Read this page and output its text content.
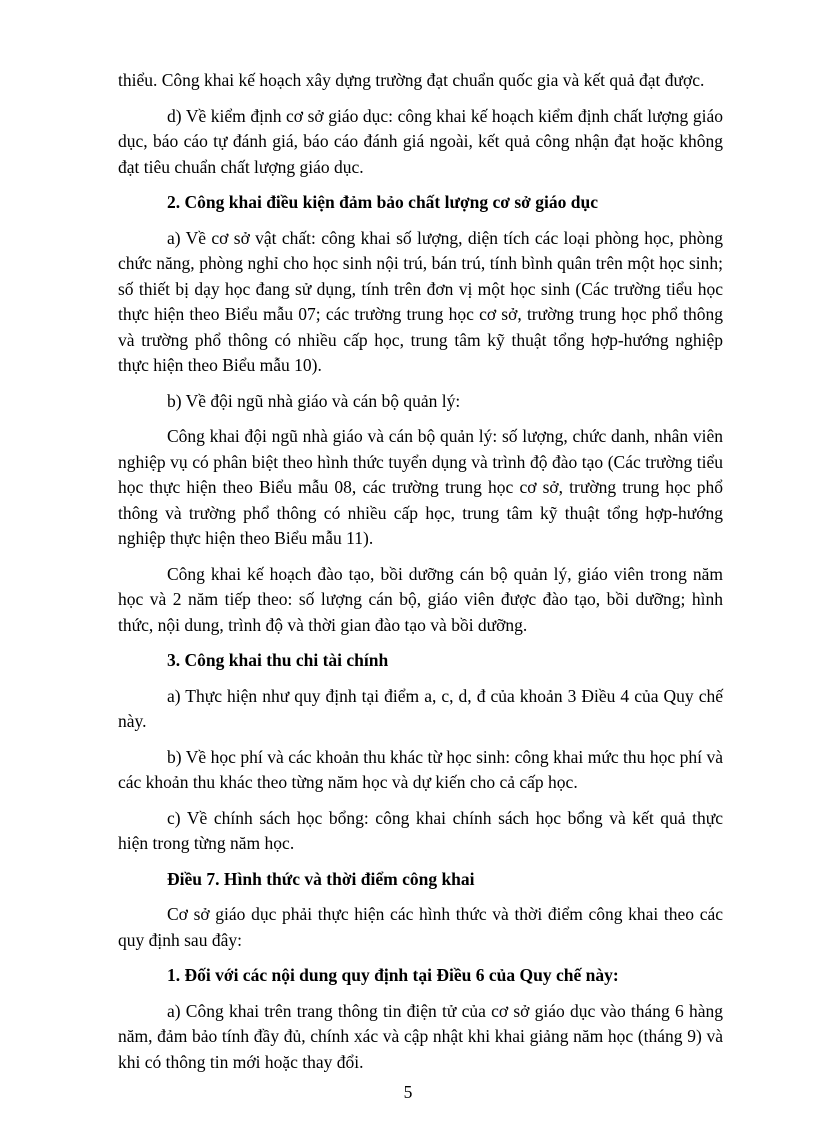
thiểu. Công khai kế hoạch xây dựng trường đạt chuẩn quốc gia và kết quả đạt được.

d) Về kiểm định cơ sở giáo dục: công khai kế hoạch kiểm định chất lượng giáo dục, báo cáo tự đánh giá, báo cáo đánh giá ngoài, kết quả công nhận đạt hoặc không đạt tiêu chuẩn chất lượng giáo dục.

2. Công khai điều kiện đảm bảo chất lượng cơ sở giáo dục

a) Về cơ sở vật chất: công khai số lượng, diện tích các loại phòng học, phòng chức năng, phòng nghỉ cho học sinh nội trú, bán trú, tính bình quân trên một học sinh; số thiết bị dạy học đang sử dụng, tính trên đơn vị một học sinh (Các trường tiểu học thực hiện theo Biểu mẫu 07; các trường trung học cơ sở, trường trung học phổ thông và trường phổ thông có nhiều cấp học, trung tâm kỹ thuật tổng hợp-hướng nghiệp thực hiện theo Biểu mẫu 10).

b) Về đội ngũ nhà giáo và cán bộ quản lý:

Công khai đội ngũ nhà giáo và cán bộ quản lý: số lượng, chức danh, nhân viên nghiệp vụ có phân biệt theo hình thức tuyển dụng và trình độ đào tạo (Các trường tiểu học thực hiện theo Biểu mẫu 08, các trường trung học cơ sở, trường trung học phổ thông và trường phổ thông có nhiều cấp học, trung tâm kỹ thuật tổng hợp-hướng nghiệp thực hiện theo Biểu mẫu 11).

Công khai kế hoạch đào tạo, bồi dưỡng cán bộ quản lý, giáo viên trong năm học và 2 năm tiếp theo: số lượng cán bộ, giáo viên được đào tạo, bồi dưỡng; hình thức, nội dung, trình độ và thời gian đào tạo và bồi dưỡng.

3. Công khai thu chi tài chính

a) Thực hiện như quy định tại điểm a, c, d, đ của khoản 3 Điều 4 của Quy chế này.

b) Về học phí và các khoản thu khác từ học sinh: công khai mức thu học phí và các khoản thu khác theo từng năm học và dự kiến cho cả cấp học.

c) Về chính sách học bổng: công khai chính sách học bổng và kết quả thực hiện trong từng năm học.

Điều 7. Hình thức và thời điểm công khai

Cơ sở giáo dục phải thực hiện các hình thức và thời điểm công khai theo các quy định sau đây:

1. Đối với các nội dung quy định tại Điều 6 của Quy chế này:

a) Công khai trên trang thông tin điện tử của cơ sở giáo dục vào tháng 6 hàng năm, đảm bảo tính đầy đủ, chính xác và cập nhật khi khai giảng năm học (tháng 9) và khi có thông tin mới hoặc thay đổi.

5
